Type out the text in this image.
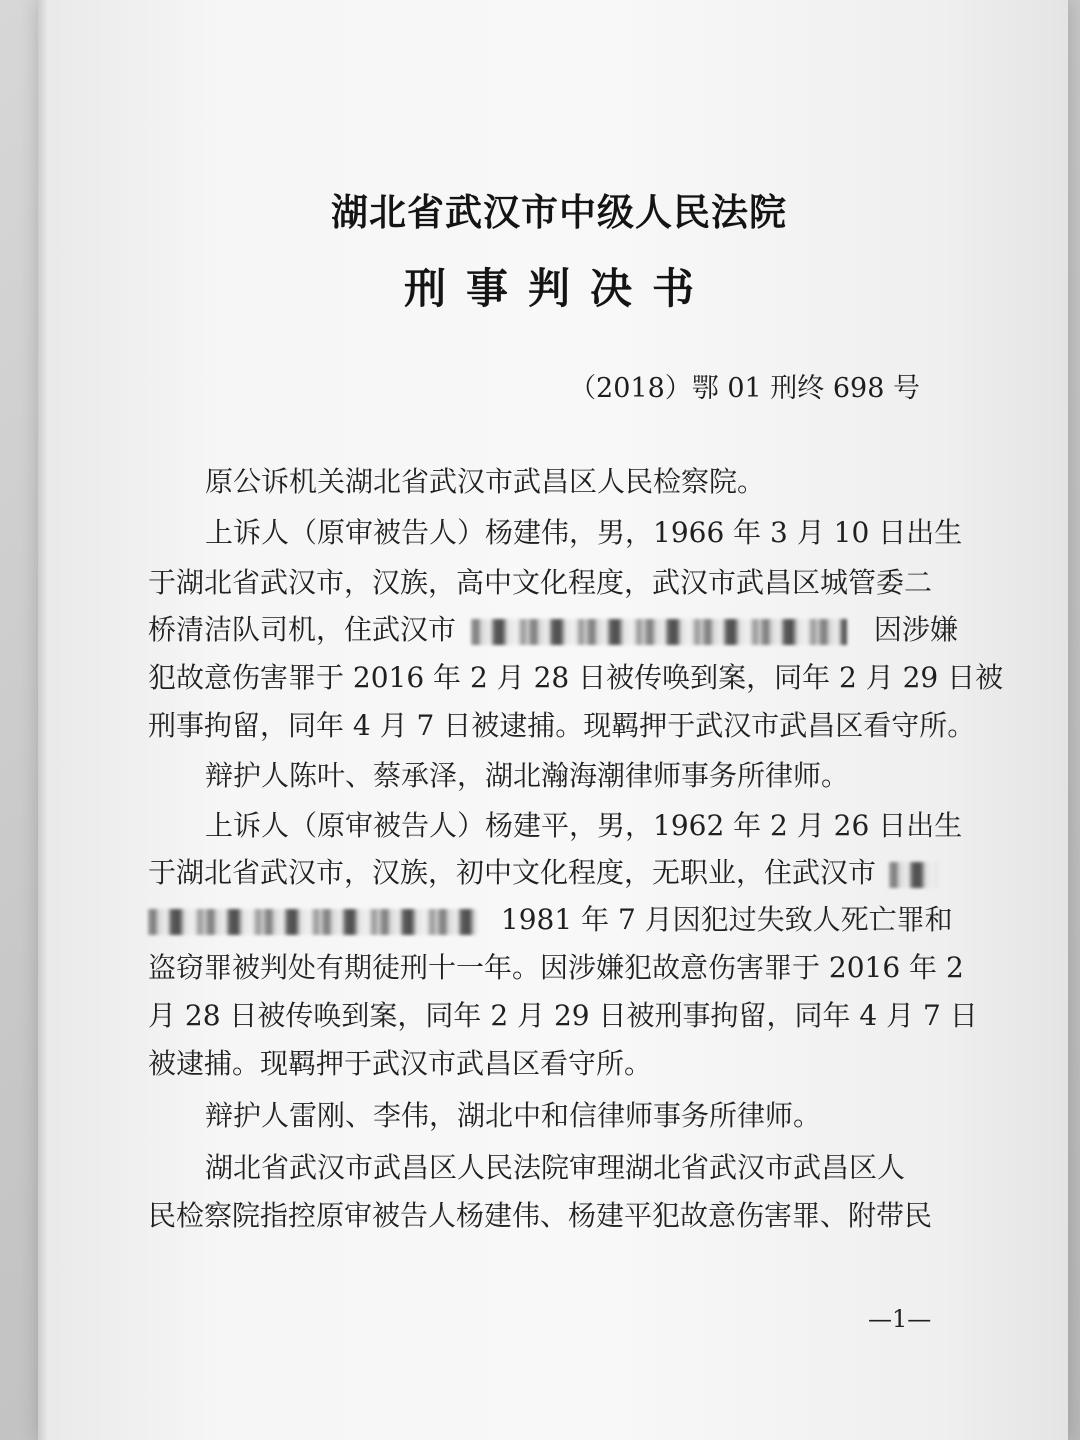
湖北省武汉市中级人民法院
刑事判决书
（2018）鄂 01 刑终 698 号
原公诉机关湖北省武汉市武昌区人民检察院。
上诉人（原审被告人）杨建伟，男，1966 年 3 月 10 日出生
于湖北省武汉市，汉族，高中文化程度，武汉市武昌区城管委二
桥清洁队司机，住武汉市	因涉嫌
犯故意伤害罪于 2016 年 2 月 28 日被传唤到案，同年 2 月 29 日被
刑事拘留，同年 4 月 7 日被逮捕。现羁押于武汉市武昌区看守所。
辩护人陈叶、蔡承泽，湖北瀚海潮律师事务所律师。
上诉人（原审被告人）杨建平，男，1962 年 2 月 26 日出生
于湖北省武汉市，汉族，初中文化程度，无职业，住武汉市
1981 年 7 月因犯过失致人死亡罪和
盗窃罪被判处有期徒刑十一年。因涉嫌犯故意伤害罪于 2016 年 2
月 28 日被传唤到案，同年 2 月 29 日被刑事拘留，同年 4 月 7 日
被逮捕。现羁押于武汉市武昌区看守所。
辩护人雷刚、李伟，湖北中和信律师事务所律师。
湖北省武汉市武昌区人民法院审理湖北省武汉市武昌区人
民检察院指控原审被告人杨建伟、杨建平犯故意伤害罪、附带民
—1—
